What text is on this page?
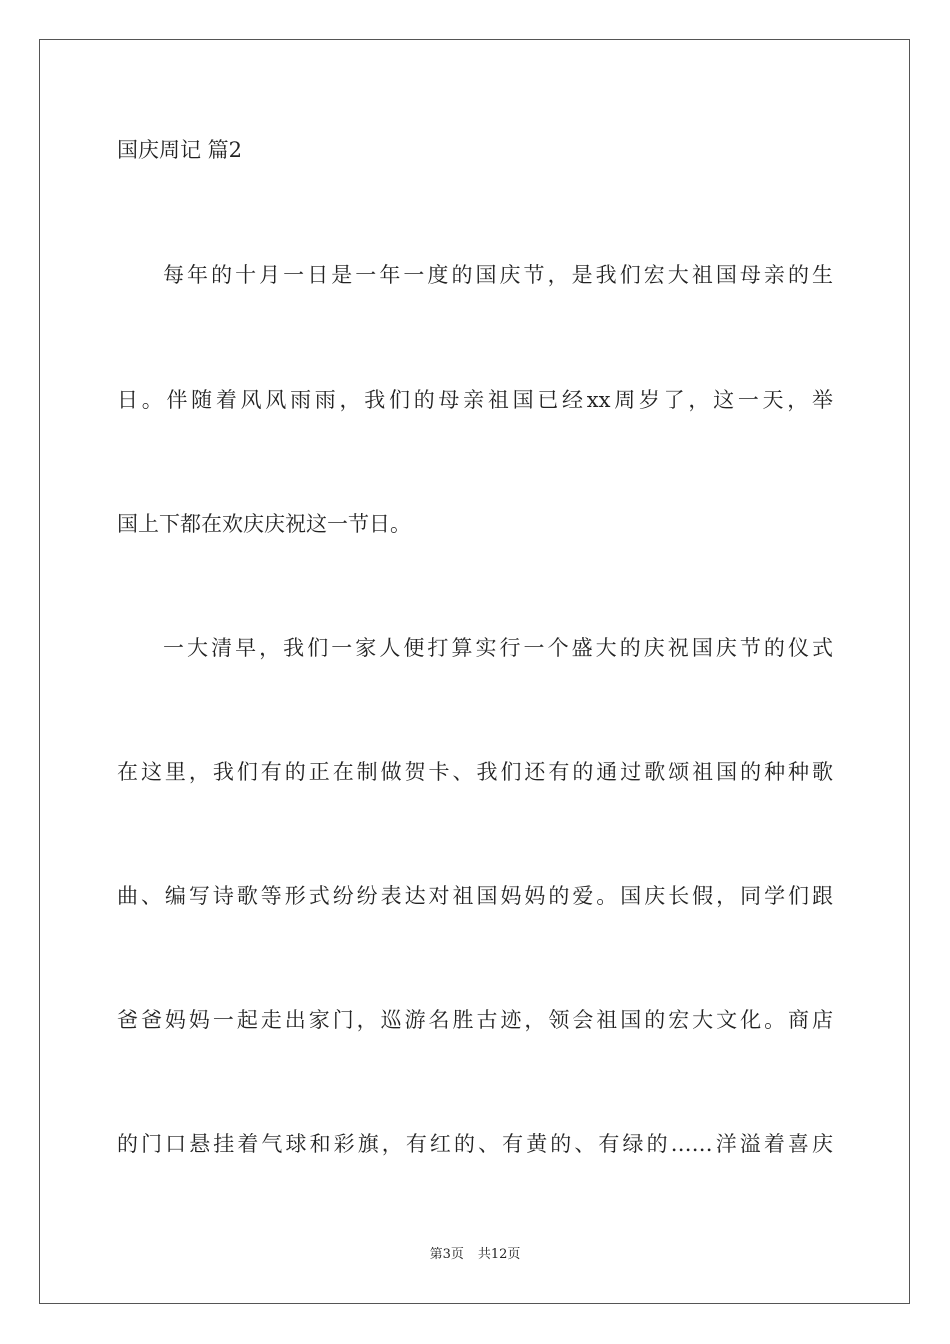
国庆周记 篇2
每年的十月一日是一年一度的国庆节，是我们宏大祖国母亲的生
日。伴随着风风雨雨，我们的母亲祖国已经xx周岁了，这一天，举
国上下都在欢庆庆祝这一节日。
一大清早，我们一家人便打算实行一个盛大的庆祝国庆节的仪式
在这里，我们有的正在制做贺卡、我们还有的通过歌颂祖国的种种歌
曲、编写诗歌等形式纷纷表达对祖国妈妈的爱。国庆长假，同学们跟
爸爸妈妈一起走出家门，巡游名胜古迹，领会祖国的宏大文化。商店
的门口悬挂着气球和彩旗，有红的、有黄的、有绿的……洋溢着喜庆
第3页 共12页
